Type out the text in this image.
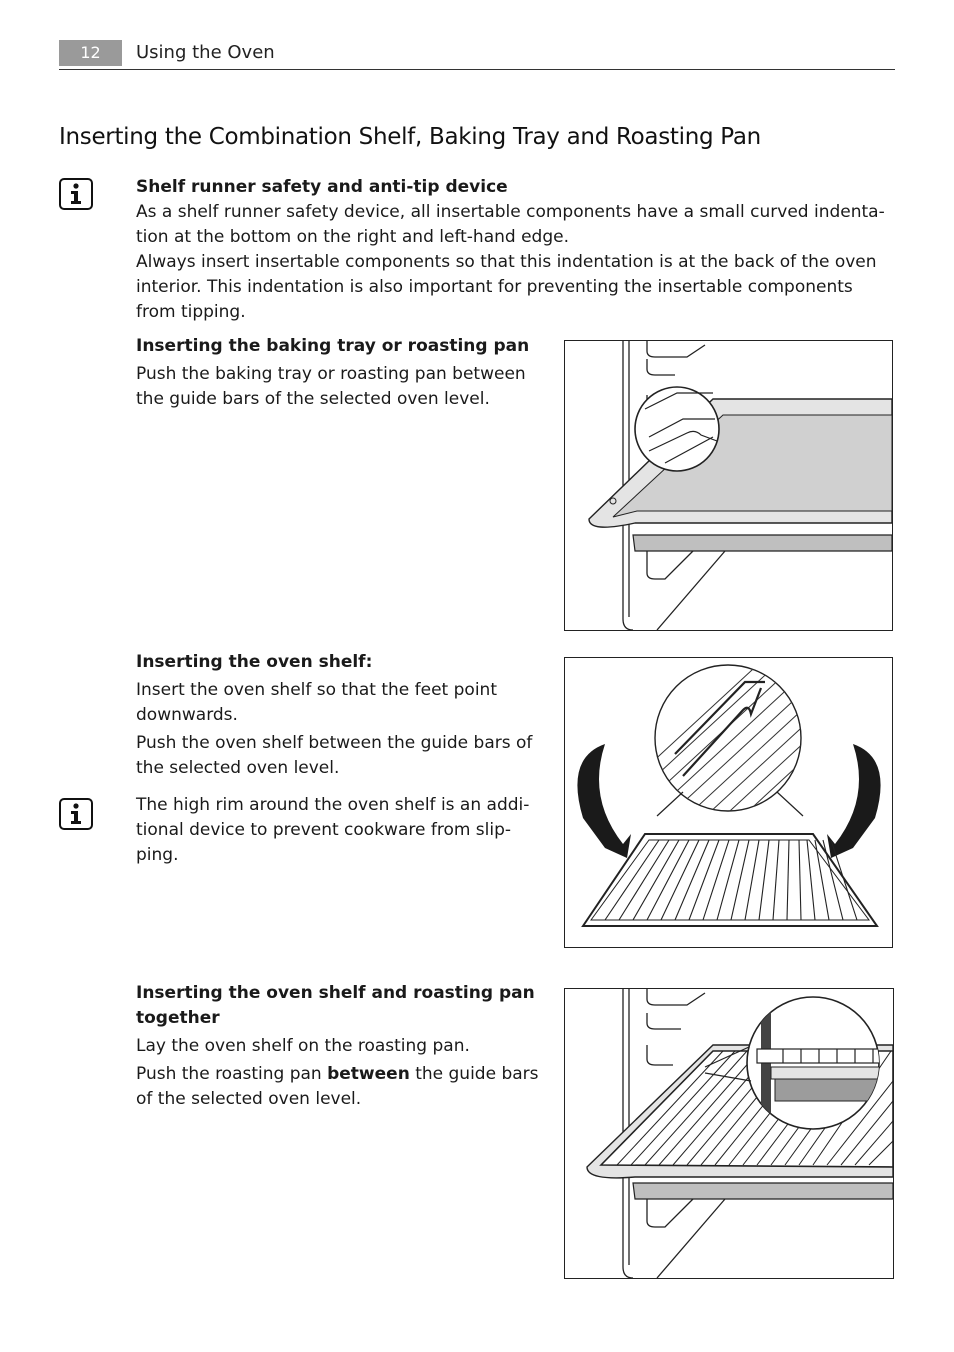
12	Using the Oven
Inserting the Combination Shelf, Baking Tray and Roasting Pan

Shelf runner safety and anti-tip device

As a shelf runner safety device, all insertable components have a small curved indenta-tion at the bottom on the right and left-hand edge.

Always insert insertable components so that this indentation is at the back of the oven interior. This indentation is also important for preventing the insertable components from tipping.

Inserting the baking tray or roasting pan

Push the baking tray or roasting pan between the guide bars of the selected oven level.

Inserting the oven shelf:

Insert the oven shelf so that the feet point downwards.

Push the oven shelf between the guide bars of the selected oven level.

The high rim around the oven shelf is an addi-tional device to prevent cookware from slip-ping.

Inserting the oven shelf and roasting pan together

Lay the oven shelf on the roasting pan.

Push the roasting pan between the guide bars of the selected oven level.
